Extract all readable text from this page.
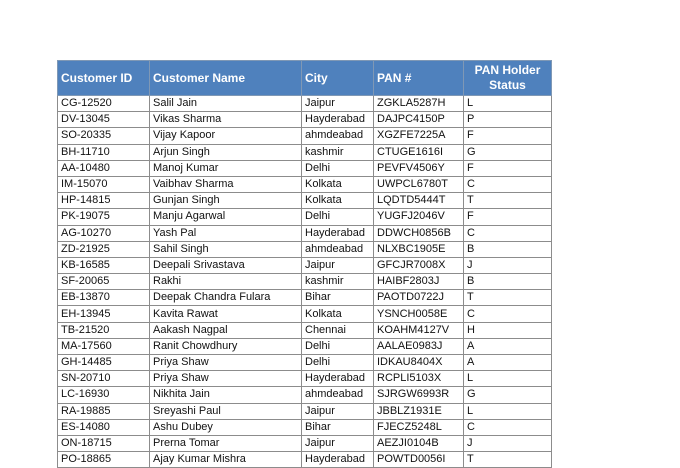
Customer ID	Customer Name	City	PAN #	PAN Holder Status
CG-12520	Salil Jain	Jaipur	ZGKLA5287H	L
DV-13045	Vikas Sharma	Hayderabad	DAJPC4150P	P
SO-20335	Vijay Kapoor	ahmdeabad	XGZFE7225A	F
BH-11710	Arjun Singh	kashmir	CTUGE1616I	G
AA-10480	Manoj Kumar	Delhi	PEVFV4506Y	F
IM-15070	Vaibhav Sharma	Kolkata	UWPCL6780T	C
HP-14815	Gunjan Singh	Kolkata	LQDTD5444T	T
PK-19075	Manju Agarwal	Delhi	YUGFJ2046V	F
AG-10270	Yash Pal	Hayderabad	DDWCH0856B	C
ZD-21925	Sahil Singh	ahmdeabad	NLXBC1905E	B
KB-16585	Deepali Srivastava	Jaipur	GFCJR7008X	J
SF-20065	Rakhi	kashmir	HAIBF2803J	B
EB-13870	Deepak Chandra Fulara	Bihar	PAOTD0722J	T
EH-13945	Kavita Rawat	Kolkata	YSNCH0058E	C
TB-21520	Aakash Nagpal	Chennai	KOAHM4127V	H
MA-17560	Ranit Chowdhury	Delhi	AALAE0983J	A
GH-14485	Priya Shaw	Delhi	IDKAU8404X	A
SN-20710	Priya Shaw	Hayderabad	RCPLI5103X	L
LC-16930	Nikhita Jain	ahmdeabad	SJRGW6993R	G
RA-19885	Sreyashi Paul	Jaipur	JBBLZ1931E	L
ES-14080	Ashu Dubey	Bihar	FJECZ5248L	C
ON-18715	Prerna Tomar	Jaipur	AEZJI0104B	J
PO-18865	Ajay Kumar Mishra	Hayderabad	POWTD0056I	T
